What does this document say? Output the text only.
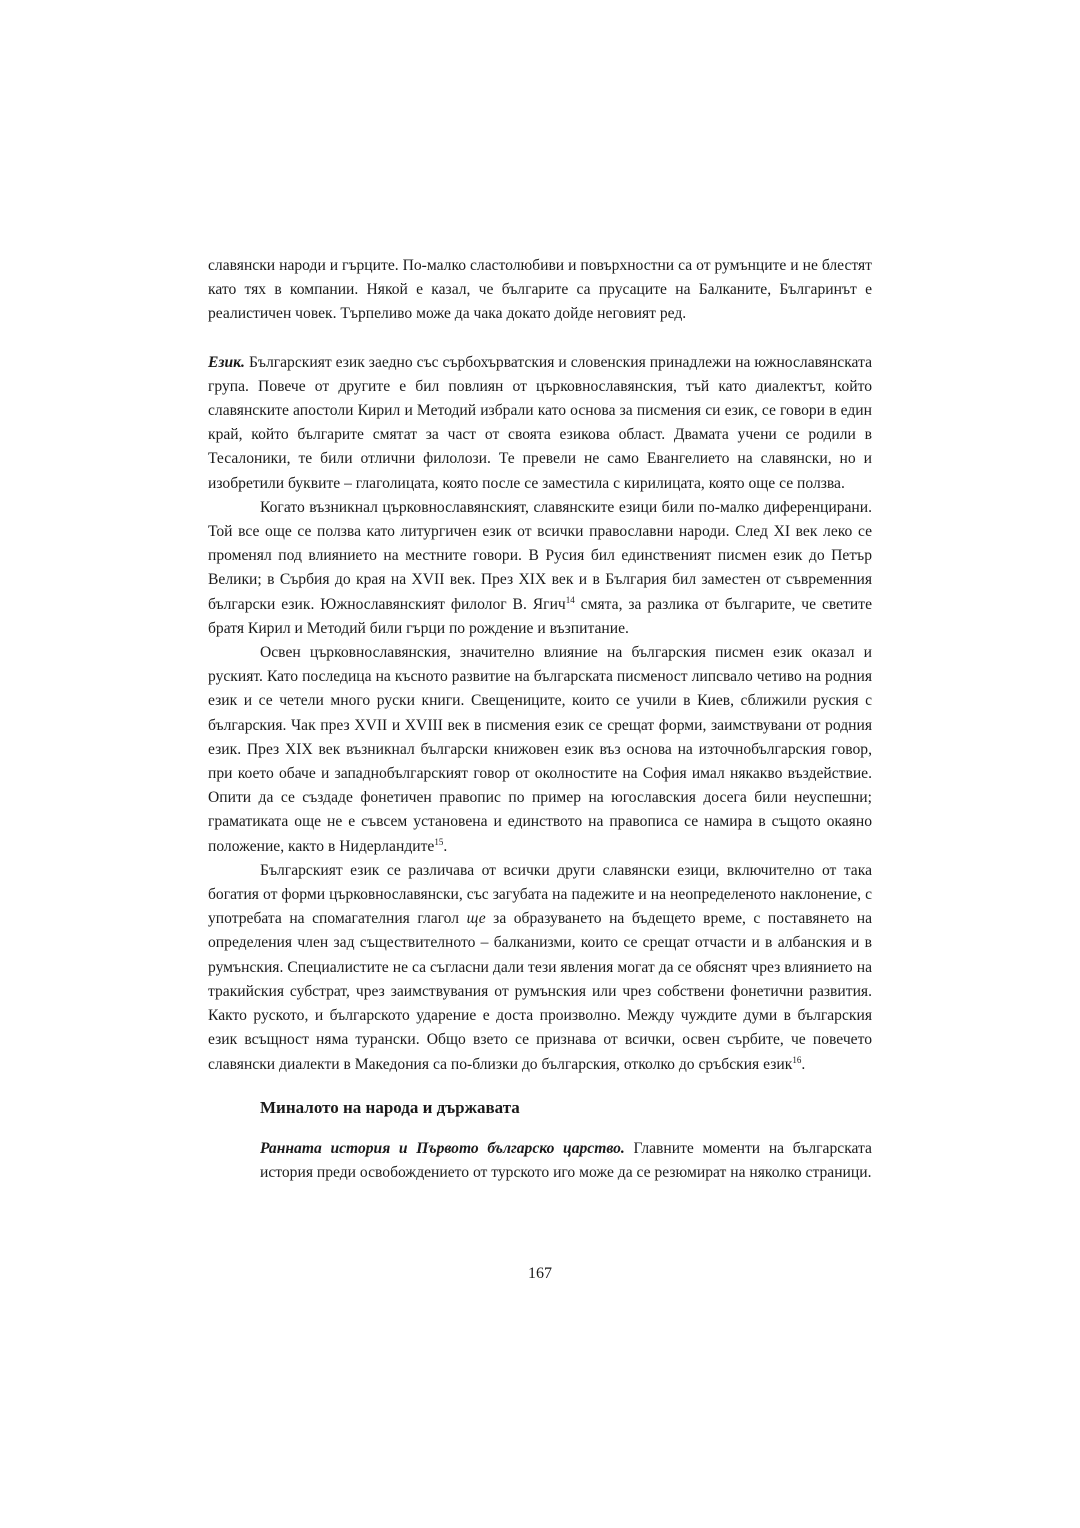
славянски народи и гърците. По-малко сластолюбиви и повърхностни са от румънците и не блестят като тях в компании. Някой е казал, че българите са прусаците на Балканите, Българинът е реалистичен човек. Търпеливо може да чака докато дойде неговият ред.

Език. Българският език заедно със сърбохърватския и словенския принадлежи на южнославянската група. Повече от другите е бил повлиян от църковнославянския, тъй като диалектът, който славянските апостоли Кирил и Методий избрали като основа за писмения си език, се говори в един край, който българите смятат за част от своята езикова област. Двамата учени се родили в Тесалоники, те били отлични филолози. Те превели не само Евангелието на славянски, но и изобретили буквите – глаголицата, която после се заместила с кирилицата, която още се ползва.

Когато възникнал църковнославянският, славянските езици били по-малко диференцирани. Той все още се ползва като литургичен език от всички православни народи. След XI век леко се променял под влиянието на местните говори. В Русия бил единственият писмен език до Петър Велики; в Сърбия до края на XVII век. През XIX век и в България бил заместен от съвременния български език. Южнославянският филолог В. Ягич$^{14}$ смята, за разлика от българите, че светите братя Кирил и Методий били гърци по рождение и възпитание.

Освен църковнославянския, значително влияние на българския писмен език оказал и руският. Като последица на късното развитие на българската писменост липсвало четиво на родния език и се четели много руски книги. Свещениците, които се учили в Киев, сближили руския с българския. Чак през XVII и XVIII век в писмения език се срещат форми, заимствувани от родния език. През XIX век възникнал български книжовен език въз основа на източнобългарския говор, при което обаче и западнобългарският говор от околностите на София имал някакво въздействие. Опити да се създаде фонетичен правопис по пример на югославския досега били неуспешни; граматиката още не е съвсем установена и единството на правописа се намира в същото окаяно положение, както в Нидерландите$^{15}$.

Българският език се различава от всички други славянски езици, включително от така богатия от форми църковнославянски, със загубата на падежите и на неопределеното наклонение, с употребата на спомагателния глагол ще за образуването на бъдещето време, с поставянето на определения член зад съществителното – балканизми, които се срещат отчасти и в албанския и в румънския. Специалистите не са съгласни дали тези явления могат да се обяснят чрез влиянието на тракийския субстрат, чрез заимствувания от румънския или чрез собствени фонетични развития. Както руското, и българското ударение е доста произволно. Между чуждите думи в българския език всъщност няма турански. Общо взето се признава от всички, освен сърбите, че повечето славянски диалекти в Македония са по-близки до българския, отколко до сръбския език$^{16}$.

Миналото на народа и държавата

Ранната история и Първото българско царство. Главните моменти на българската история преди освобождението от турското иго може да се резюмират на няколко страници.

167
